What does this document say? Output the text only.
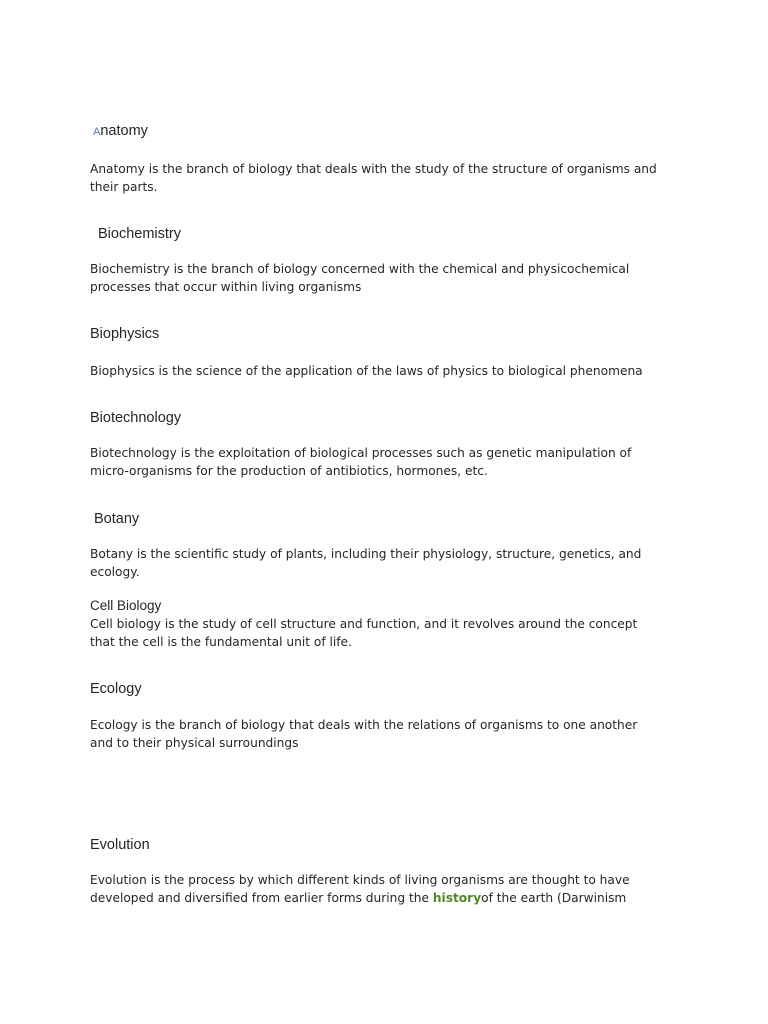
Anatomy
Anatomy is the branch of biology that deals with the study of the structure of organisms and
their parts.
Biochemistry
Biochemistry is the branch of biology concerned with the chemical and physicochemical
processes that occur within living organisms
Biophysics
Biophysics is the science of the application of the laws of physics to biological phenomena
Biotechnology
Biotechnology is the exploitation of biological processes such as genetic manipulation of
micro-organisms for the production of antibiotics, hormones, etc.
Botany
Botany is the scientific study of plants, including their physiology, structure, genetics, and
ecology.
Cell Biology
Cell biology is the study of cell structure and function, and it revolves around the concept
that the cell is the fundamental unit of life.
Ecology
Ecology is the branch of biology that deals with the relations of organisms to one another
and to their physical surroundings
Evolution
Evolution is the process by which different kinds of living organisms are thought to have
developed and diversified from earlier forms during the historyof the earth (Darwinism
